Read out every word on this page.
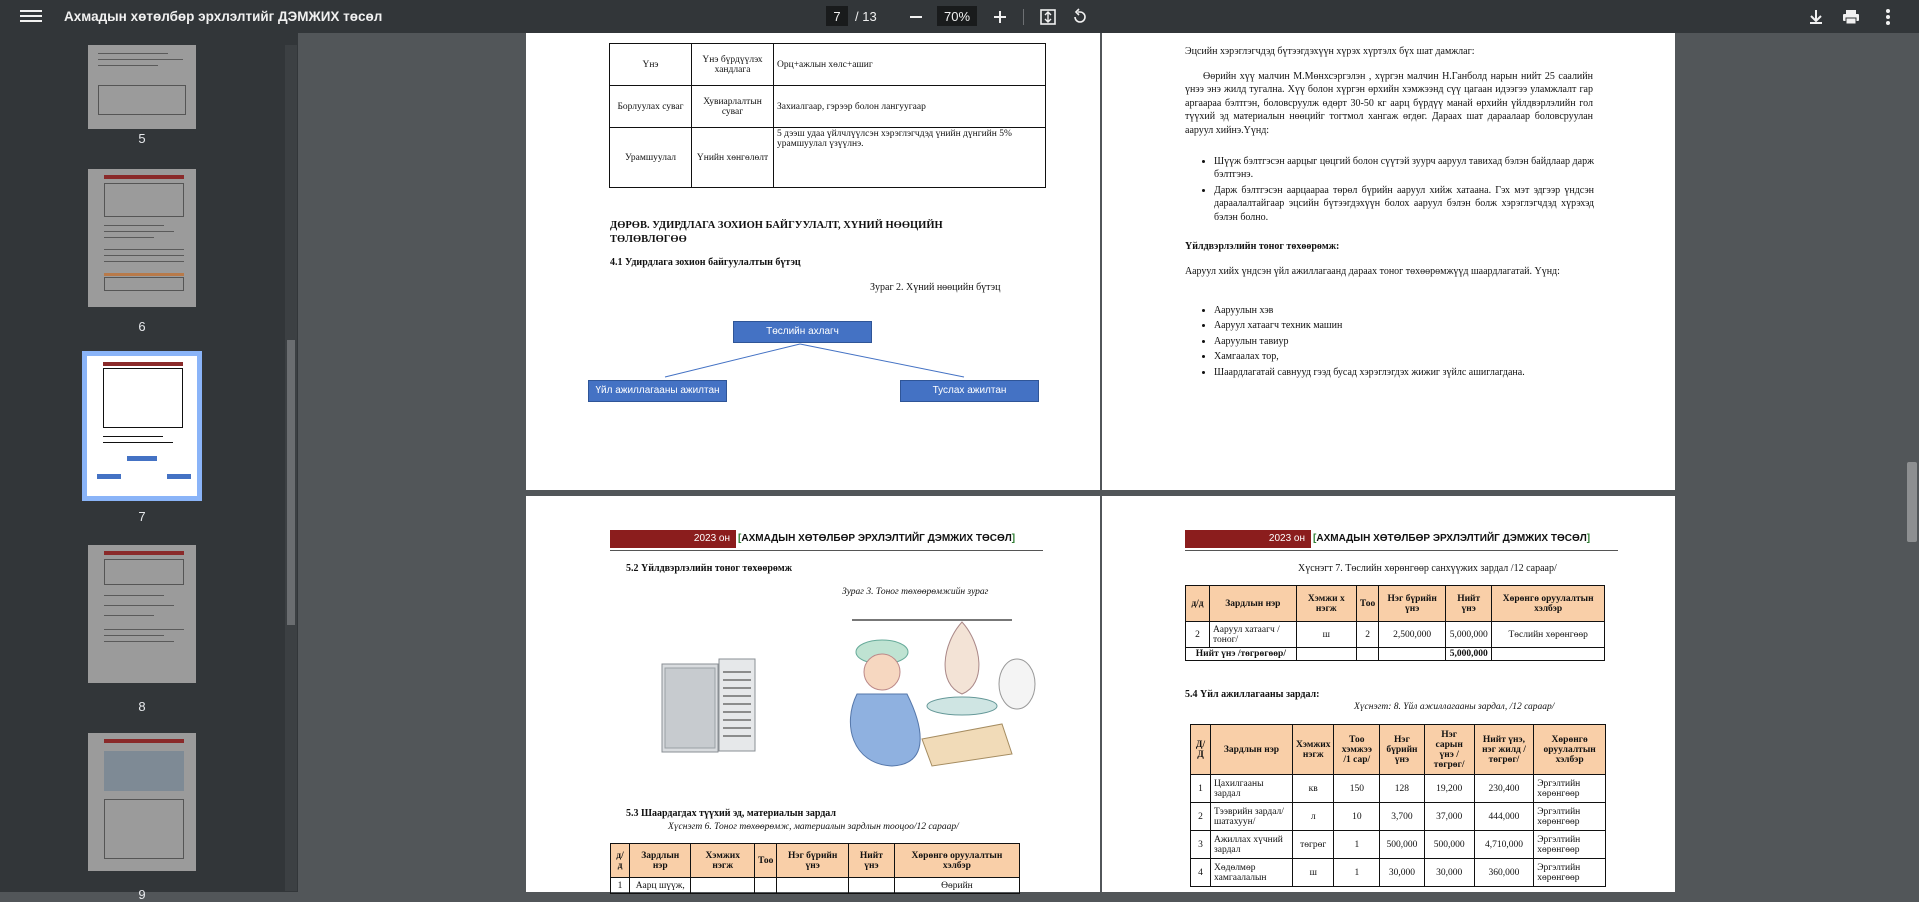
Ахмадын хөтөлбөр эрхлэлтийг ДЭМЖИХ төсөл
7	/ 13
70%
5
6
7
8
9
Үнэ	Үнэ бүрдүүлэх хандлага	Орц+ажлын хөлс+ашиг
Борлуулах суваг	Хувиарлалтын суваг	Захиалгаар, гэрээр болон лангуугаар
Урамшуулал	Үнийн хөнгөлөлт	5 дээш удаа үйлчлүүлсэн хэрэглэгчдэд үнийн дүнгийн 5% урамшуулал үзүүлнэ.
ДӨРӨВ. УДИРДЛАГА ЗОХИОН БАЙГУУЛАЛТ, ХҮНИЙ НӨӨЦИЙН ТӨЛӨВЛӨГӨӨ
4.1 Удирдлага зохион байгуулалтын бүтэц
Зураг 2. Хүний нөөцийн бүтэц
Төслийн ахлагч
Үйл ажиллагааны ажилтан	Туслах ажилтан
Эцсийн хэрэглэгчдэд бүтээгдэхүүн хүрэх хүртэлх бүх шат дамжлаг:
Өөрийн хүү малчин М.Мөнхсэргэлэн , хүргэн малчин Н.Ганболд нарын нийт 25 саалийн үнээ энэ жилд тугална. Хүү болон хүргэн өрхийн хэмжээнд сүү цагаан идээгээ уламжлалт гар аргаараа бэлтгэн, боловсруулж өдөрт 30-50 кг аарц бүрдүү манай өрхийн үйлдвэрлэлийн гол түүхий эд материалын нөөцийг тогтмол хангаж өгдөг. Дараах шат дараалаар боловсруулан ааруул хийнэ.Үүнд:
• Шүүж бэлтгэсэн аарцыг цөцгий болон сүүтэй зуурч ааруул тавихад бэлэн байдлаар дарж бэлтгэнэ.
• Дарж бэлтгэсэн аарцаараа төрөл бүрийн ааруул хийж хатаана. Гэх мэт эдгээр үндсэн дараалалтайгаар эцсийн бүтээгдэхүүн болох ааруул бэлэн болж хэрэглэгчдэд хүрэхэд бэлэн болно.
Үйлдвэрлэлийн тоног төхөөрөмж:
Ааруул хийх үндсэн үйл ажиллагаанд дараах тоног төхөөрөмжүүд шаардлагатай. Үүнд:
• Ааруулын хэв
• Ааруул хатаагч техник машин
• Ааруулын тавиур
• Хамгаалах тор,
• Шаардлагатай савнууд гээд бусад хэрэглэгдэх жижиг зүйлс ашиглагдана.
2023 он [АХМАДЫН ХӨТӨЛБӨР ЭРХЛЭЛТИЙГ ДЭМЖИХ ТӨСӨЛ]
5.2 Үйлдвэрлэлийн тоног төхөөрөмж
Зураг 3. Тоног төхөөрөмжийн зураг
5.3 Шаардагдах түүхий эд, материалын зардал
Хүснэгт 6. Тоног төхөөрөмж, материалын зардлын тооцоо/12 сараар/
д/д	Зардлын нэр	Хэмжих нэгж	Тоо	Нэг бүрийн үнэ	Нийт үнэ	Хөрөнгө оруулалтын хэлбэр
1	Аарц шүүж,					Өөрийн
2023 он [АХМАДЫН ХӨТӨЛБӨР ЭРХЛЭЛТИЙГ ДЭМЖИХ ТӨСӨЛ]
Хүснэгт 7. Төслийн хөрөнгөөр санхүүжих зардал /12 сараар/
д/д	Зардлын нэр	Хэмжи х нэгж	Тоо	Нэг бүрийн үнэ	Нийт үнэ	Хөрөнгө оруулалтын хэлбэр
2	Ааруул хатаагч /тоног/	ш	2	2,500,000	5,000,000	Төслийн хөрөнгөөр
Нийт үнэ /төгрөгөөр/					5,000,000	
5.4 Үйл ажиллагааны зардал:
Хүснэгт: 8. Үйл ажиллагааны зардал, /12 сараар/
Д/Д	Зардлын нэр	Хэмжих нэгж	Тоо хэмжээ /1 сар/	Нэг бүрийн үнэ	Нэг сарын үнэ /төгрөг/	Нийт үнэ, нэг жилд /төгрөг/	Хөрөнгө оруулалтын хэлбэр
1	Цахилгааны зардал	кв	150	128	19,200	230,400	Эргэлтийн хөрөнгөөр
2	Тээврийн зардал/шатахуун/	л	10	3,700	37,000	444,000	Эргэлтийн хөрөнгөөр
3	Ажиллах хүчний зардал	төгрөг	1	500,000	500,000	4,710,000	Эргэлтийн хөрөнгөөр
4	Хөдөлмөр хамгаалалын	ш	1	30,000	30,000	360,000	Эргэлтийн хөрөнгөөр
